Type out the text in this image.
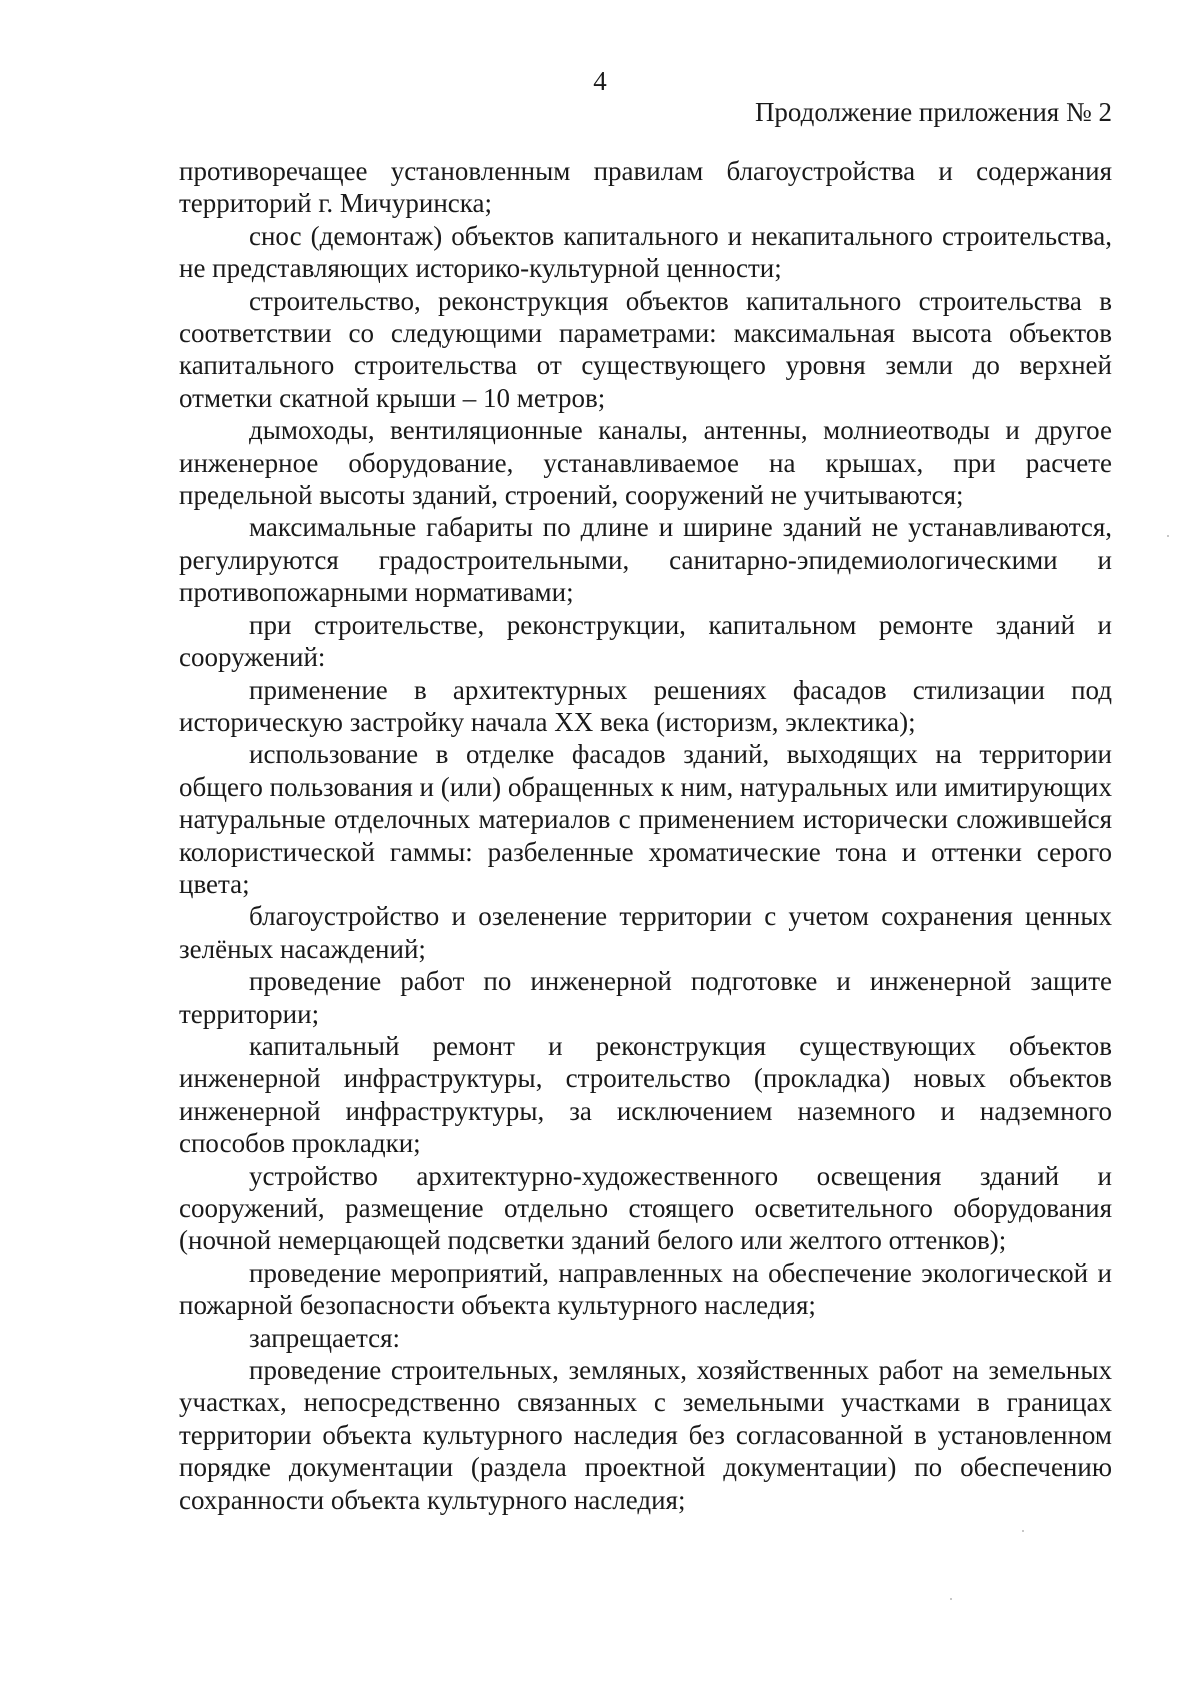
4
Продолжение приложения № 2

противоречащее установленным правилам благоустройства и содержания территорий г. Мичуринска;

снос (демонтаж) объектов капитального и некапитального строительства, не представляющих историко-культурной ценности;

строительство, реконструкция объектов капитального строительства в соответствии со следующими параметрами: максимальная высота объектов капитального строительства от существующего уровня земли до верхней отметки скатной крыши – 10 метров;

дымоходы, вентиляционные каналы, антенны, молниеотводы и другое инженерное оборудование, устанавливаемое на крышах, при расчете предельной высоты зданий, строений, сооружений не учитываются;

максимальные габариты по длине и ширине зданий не устанавливаются, регулируются градостроительными, санитарно-эпидемиологическими и противопожарными нормативами;

при строительстве, реконструкции, капитальном ремонте зданий и сооружений:

применение в архитектурных решениях фасадов стилизации под историческую застройку начала XX века (историзм, эклектика);

использование в отделке фасадов зданий, выходящих на территории общего пользования и (или) обращенных к ним, натуральных или имитирующих натуральные отделочных материалов с применением исторически сложившейся колористической гаммы: разбеленные хроматические тона и оттенки серого цвета;

благоустройство и озеленение территории с учетом сохранения ценных зелёных насаждений;

проведение работ по инженерной подготовке и инженерной защите территории;

капитальный ремонт и реконструкция существующих объектов инженерной инфраструктуры, строительство (прокладка) новых объектов инженерной инфраструктуры, за исключением наземного и надземного способов прокладки;

устройство архитектурно-художественного освещения зданий и сооружений, размещение отдельно стоящего осветительного оборудования (ночной немерцающей подсветки зданий белого или желтого оттенков);

проведение мероприятий, направленных на обеспечение экологической и пожарной безопасности объекта культурного наследия;

запрещается:

проведение строительных, земляных, хозяйственных работ на земельных участках, непосредственно связанных с земельными участками в границах территории объекта культурного наследия без согласованной в установленном порядке документации (раздела проектной документации) по обеспечению сохранности объекта культурного наследия;
